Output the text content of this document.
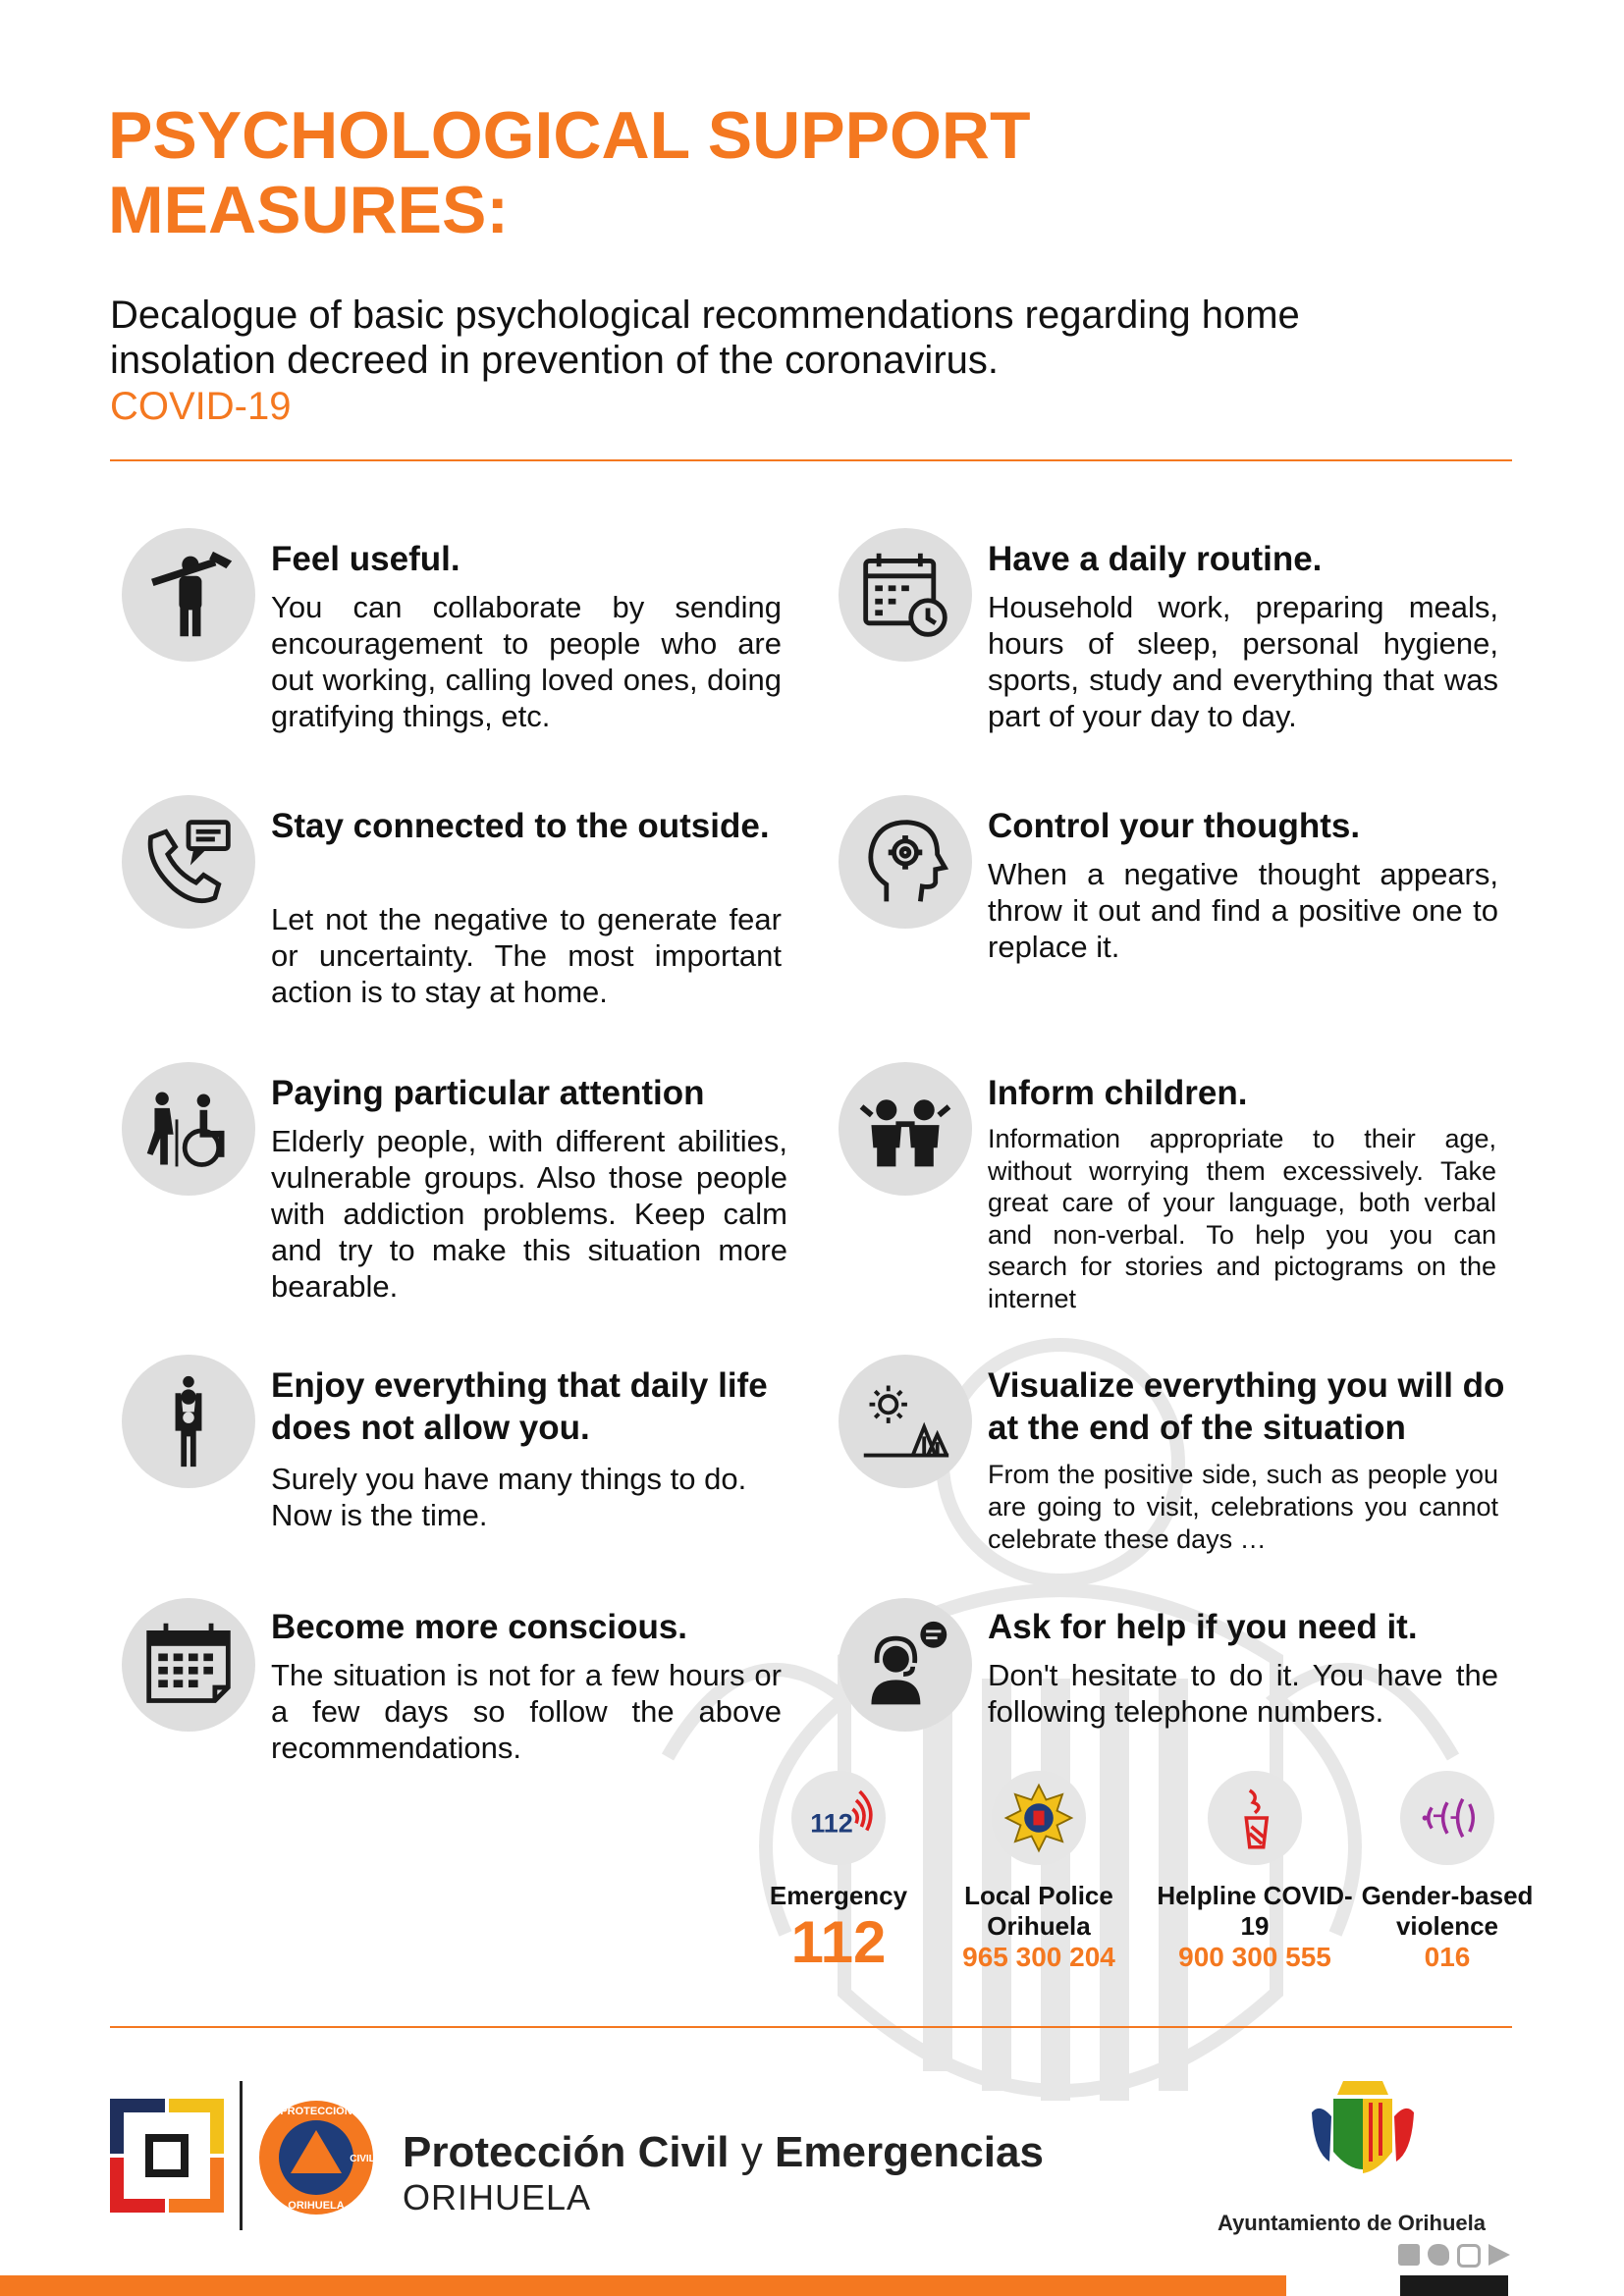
PSYCHOLOGICAL SUPPORT
MEASURES:
Decalogue of basic psychological recommendations regarding home insolation decreed in prevention of the coronavirus.
COVID-19
Feel useful.
You can collaborate by sending encouragement to people who are out working, calling loved ones, doing gratifying things, etc.
Have a daily routine.
Household work, preparing meals, hours of sleep, personal hygiene, sports, study and everything that was part of your day to day.
Stay connected to the outside.
Let not the negative to generate fear or uncertainty. The most important action is to stay at home.
Control your thoughts.
When a negative thought appears, throw it out and find a positive one to replace it.
Paying particular attention
Elderly people, with different abilities, vulnerable groups. Also those people with addiction problems. Keep calm and try to make this situation more bearable.
Inform children.
Information appropriate to their age, without worrying them excessively. Take great care of your language, both verbal and non-verbal. To help you you can search for stories and pictograms on the internet
Enjoy everything that daily life does not allow you.
Surely you have many things to do. Now is the time.
Visualize everything you will do at the end of the situation
From the positive side, such as people you are going to visit, celebrations you cannot celebrate these days …
Become more conscious.
The situation is not for a few hours or a few days so follow the above recommendations.
Ask for help if you need it.
Don't hesitate to do it. You have the following telephone numbers.
112
Emergency
112
Local Police Orihuela
965 300 204
Helpline COVID-19
900 300 555
Gender-based violence
016
PROTECCIÓN
CIVIL
ORIHUELA
Protección Civil y Emergencias
ORIHUELA
Ayuntamiento de Orihuela
